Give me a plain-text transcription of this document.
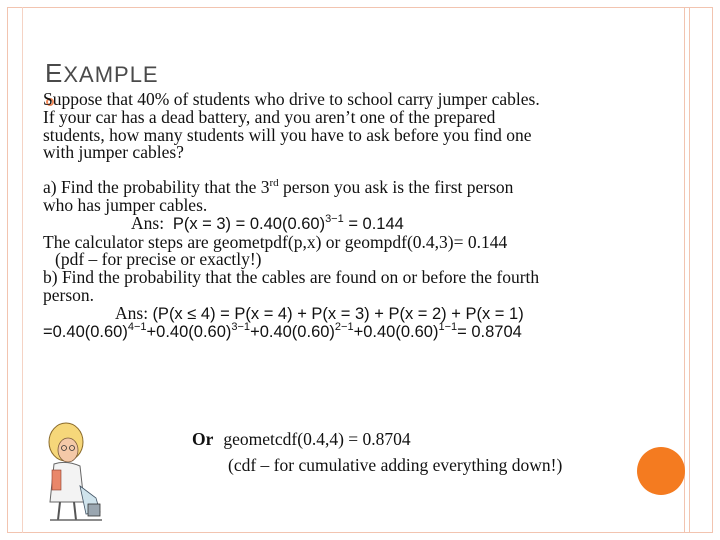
EXAMPLE

Suppose that 40% of students who drive to school carry jumper cables.

If your car has a dead battery, and you aren’t one of the prepared

students, how many students will you have to ask before you find one

with jumper cables?

a) Find the probability that the 3rd person you ask is the first person

who has jumper cables.

Ans: $P(x = 3) = 0.40(0.60)^{3-1} = 0.144$

The calculator steps are geometpdf(p,x) or geompdf(0.4,3)= 0.144

(pdf – for precise or exactly!)

b) Find the probability that the cables are found on or before the fourth

person.

Ans: (P(x ≤ 4) = P(x = 4) + P(x = 3) + P(x = 2) + P(x = 1)

$=0.40(0.60)^{4-1}+0.40(0.60)^{3-1}+0.40(0.60)^{2-1}+0.40(0.60)^{1-1}= 0.8704$

Or geometcdf(0.4,4) = 0.8704
(cdf – for cumulative adding everything down!)
